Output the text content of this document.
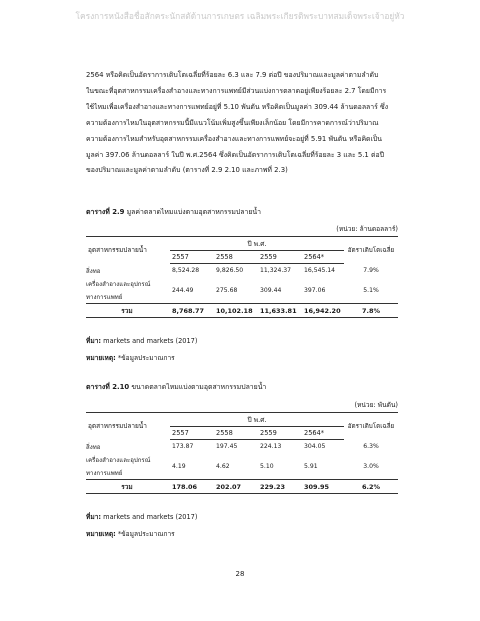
โครงการหนังสือชื่อสักคระนักสตัด้านการเกษตร เฉลิมพระเกียรติพระบาทสมเด็จพระเจ้าอยู่หัว
2564 หรือคิดเป็นอัตราการเติบโตเฉลี่ยที่ร้อยละ 6.3 และ 7.9 ต่อปี ของปริมาณและมูลค่าตามลำดับ
ในขณะที่อุตสาหกรรมเครื่องสำอางและทางการแพทย์มีส่วนแบ่งการตลาดอยู่เพียงร้อยละ 2.7 โดยมีการ
ใช้ไหมเพื่อเครื่องสำอางและทางการแพทย์อยู่ที่ 5.10 พันตัน หรือคิดเป็นมูลค่า 309.44 ล้านดอลลาร์ ซึ่ง
ความต้องการไหมในอุตสาหกรรมนี้มีแนวโน้มเพิ่มสูงขึ้นเพียงเล็กน้อย โดยมีการคาดการณ์ว่าปริมาณ
ความต้องการไหมสำหรับอุตสาหกรรมเครื่องสำอางและทางการแพทย์จะอยู่ที่ 5.91 พันตัน หรือคิดเป็น
มูลค่า 397.06 ล้านดอลลาร์ ในปี พ.ศ.2564 ซึ่งคิดเป็นอัตราการเติบโตเฉลี่ยที่ร้อยละ 3 และ 5.1 ต่อปี
ของปริมาณและมูลค่าตามลำดับ (ตารางที่ 2.9 2.10 และภาพที่ 2.3)
ตารางที่ 2.9 มูลค่าตลาดไหมแบ่งตามอุตสาหกรรมปลายน้ำ
(หน่วย: ล้านดอลลาร์)
อุตสาหกรรมปลายน้ำ	ปี พ.ศ.				อัตราเติบโตเฉลี่ย
	2557	2558	2559	2564*	
สิ่งทอ	8,524.28	9,826.50	11,324.37	16,545.14	7.9%
เครื่องสำอางและอุปกรณ์	244.49	275.68	309.44	397.06	5.1%
ทางการแพทย์					
รวม	8,768.77	10,102.18	11,633.81	16,942.20	7.8%
ที่มา: markets and markets (2017)
หมายเหตุ: *ข้อมูลประมาณการ
ตารางที่ 2.10 ขนาดตลาดไหมแบ่งตามอุตสาหกรรมปลายน้ำ
(หน่วย: พันตัน)
อุตสาหกรรมปลายน้ำ	ปี พ.ศ.				อัตราเติบโตเฉลี่ย
	2557	2558	2559	2564*	
สิ่งทอ	173.87	197.45	224.13	304.05	6.3%
เครื่องสำอางและอุปกรณ์	4.19	4.62	5.10	5.91	3.0%
ทางการแพทย์					
รวม	178.06	202.07	229.23	309.95	6.2%
ที่มา: markets and markets (2017)
หมายเหตุ: *ข้อมูลประมาณการ
28
